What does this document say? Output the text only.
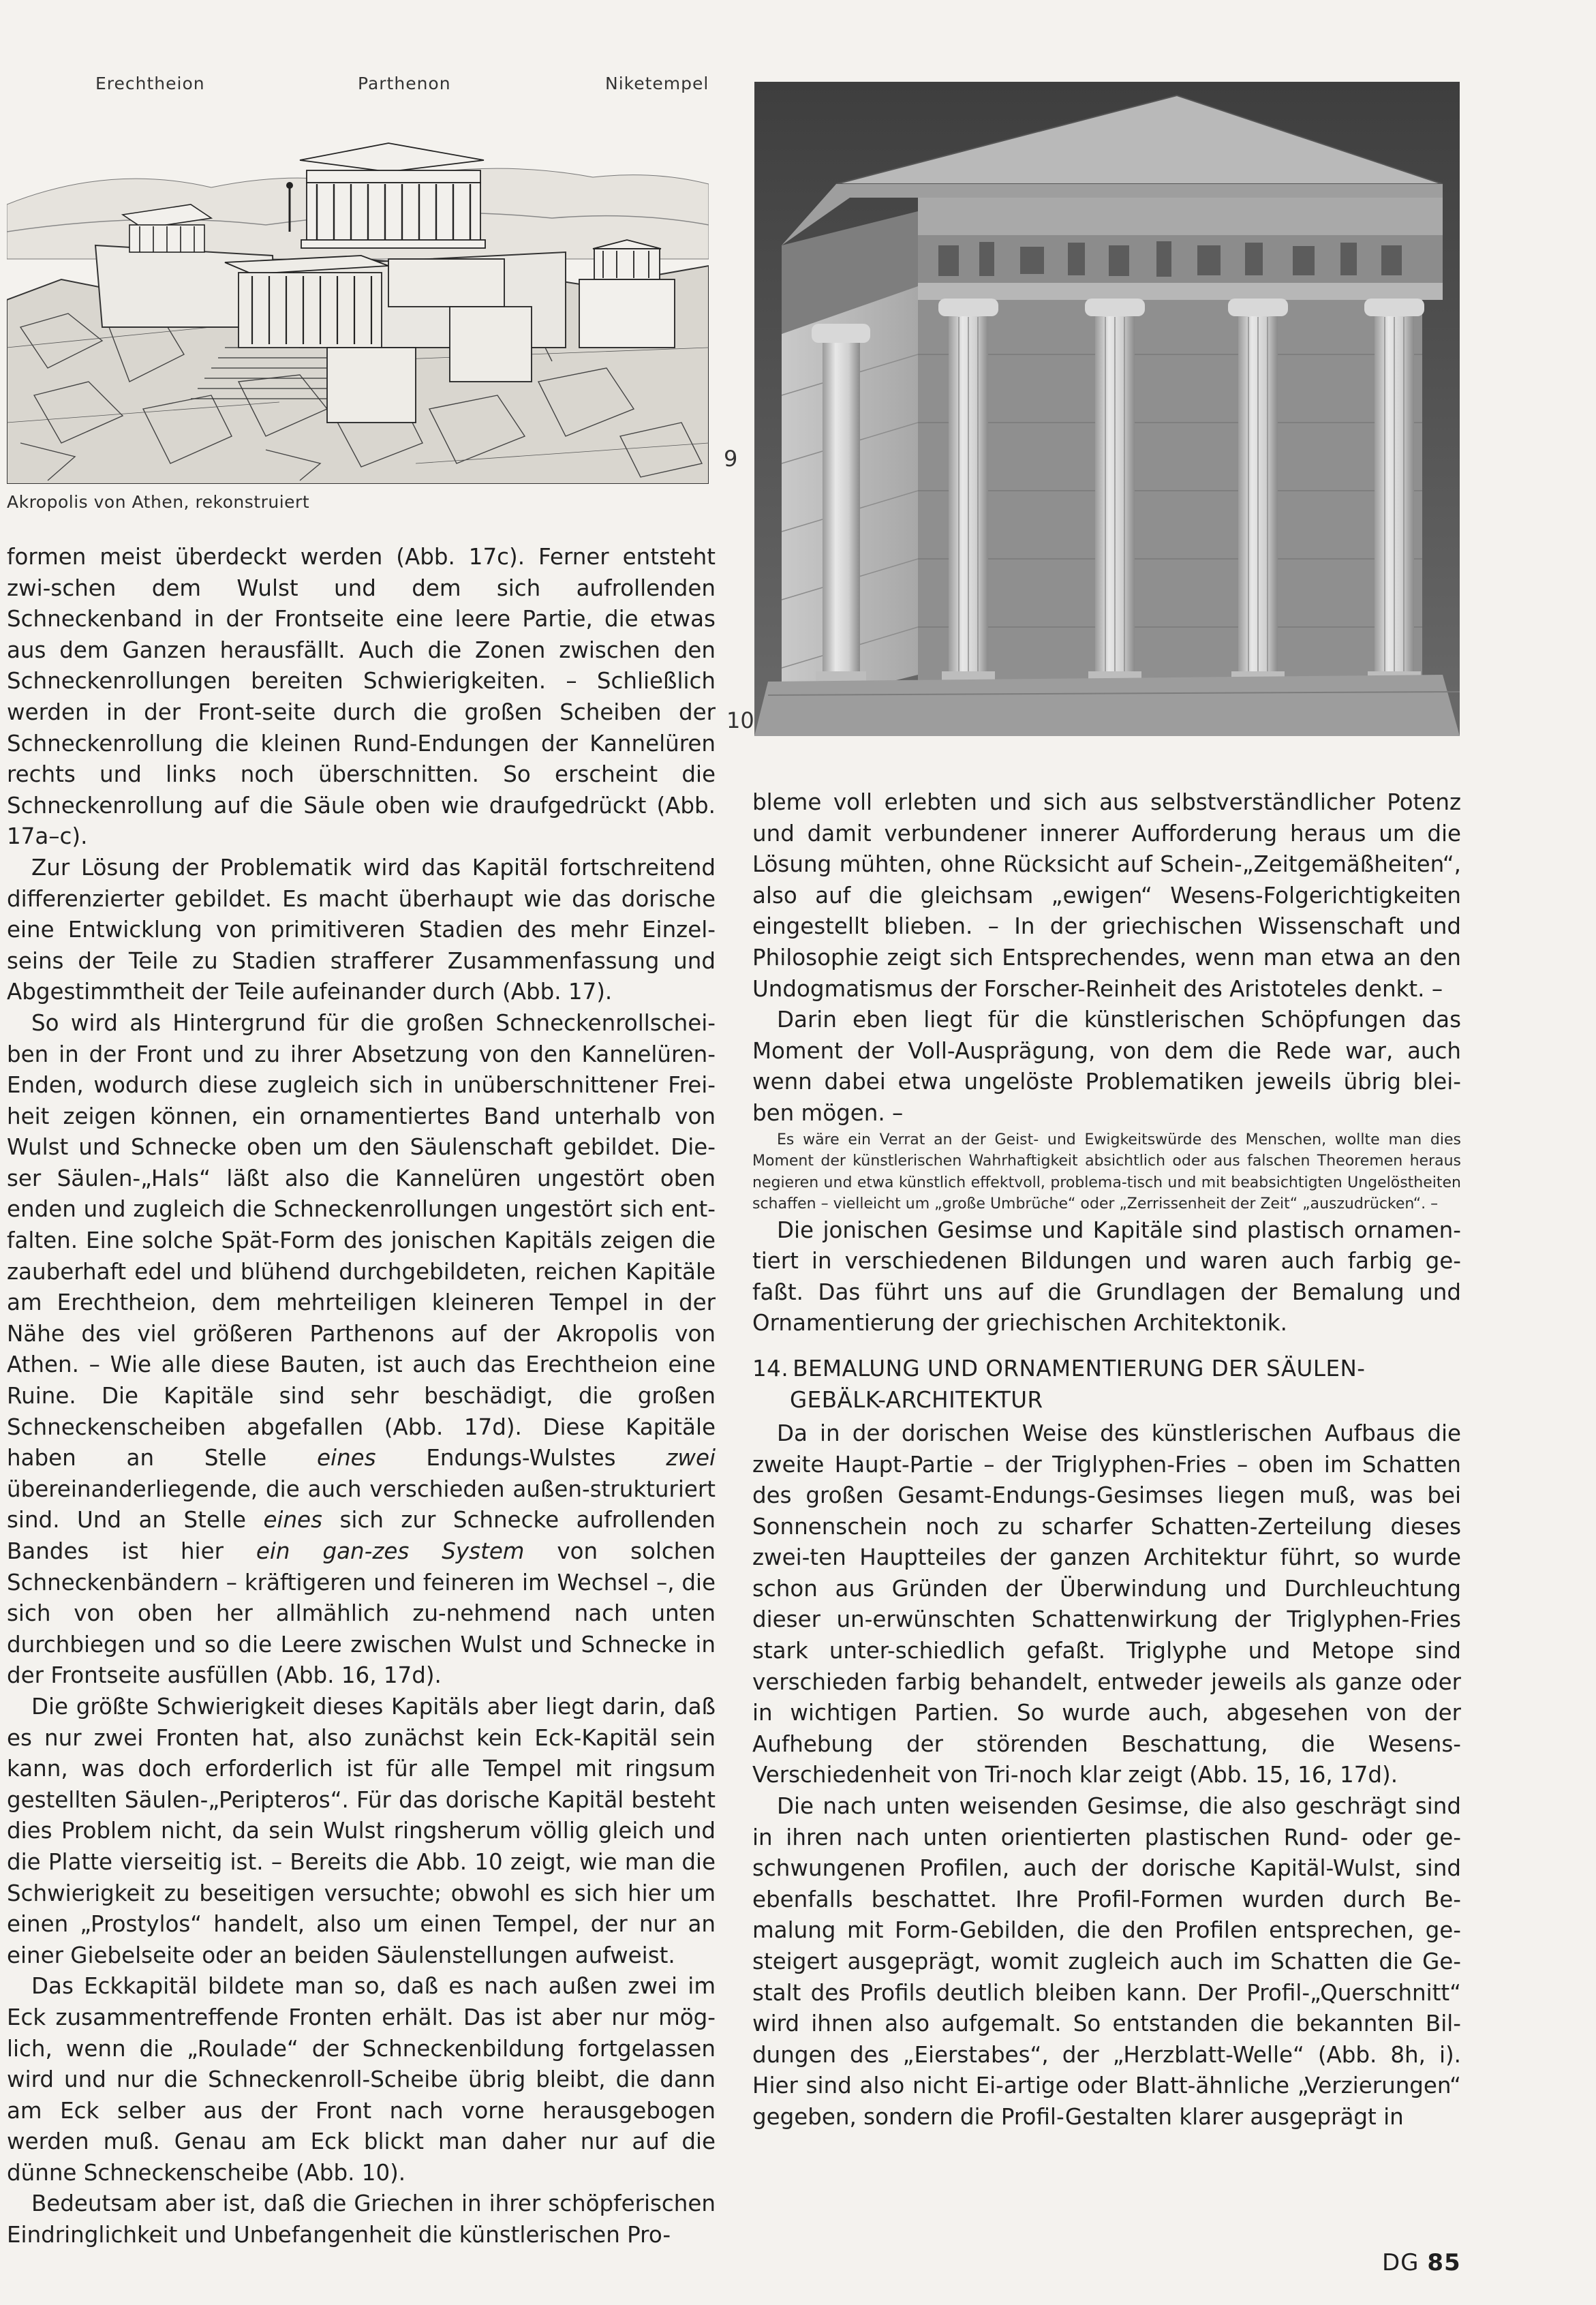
Erechtheion	Parthenon	Niketempel
Akropolis von Athen, rekonstruiert
9
10

formen meist überdeckt werden (Abb. 17c). Ferner entsteht zwi-schen dem Wulst und dem sich aufrollenden Schneckenband in der Frontseite eine leere Partie, die etwas aus dem Ganzen herausfällt. Auch die Zonen zwischen den Schneckenrollungen bereiten Schwierigkeiten. – Schließlich werden in der Front-seite durch die großen Scheiben der Schneckenrollung die kleinen Rund-Endungen der Kannelüren rechts und links noch überschnitten. So erscheint die Schneckenrollung auf die Säule oben wie draufgedrückt (Abb. 17a–c).

Zur Lösung der Problematik wird das Kapitäl fortschreitend differenzierter gebildet. Es macht überhaupt wie das dorische eine Entwicklung von primitiveren Stadien des mehr Einzel-seins der Teile zu Stadien strafferer Zusammenfassung und Abgestimmtheit der Teile aufeinander durch (Abb. 17).

So wird als Hintergrund für die großen Schneckenrollschei-ben in der Front und zu ihrer Absetzung von den Kannelüren-Enden, wodurch diese zugleich sich in unüberschnittener Frei-heit zeigen können, ein ornamentiertes Band unterhalb von Wulst und Schnecke oben um den Säulenschaft gebildet. Die-ser Säulen-„Hals“ läßt also die Kannelüren ungestört oben enden und zugleich die Schneckenrollungen ungestört sich ent-falten. Eine solche Spät-Form des jonischen Kapitäls zeigen die zauberhaft edel und blühend durchgebildeten, reichen Kapitäle am Erechtheion, dem mehrteiligen kleineren Tempel in der Nähe des viel größeren Parthenons auf der Akropolis von Athen. – Wie alle diese Bauten, ist auch das Erechtheion eine Ruine. Die Kapitäle sind sehr beschädigt, die großen Schneckenscheiben abgefallen (Abb. 17d). Diese Kapitäle haben an Stelle eines Endungs-Wulstes zwei übereinanderliegende, die auch verschieden außen-strukturiert sind. Und an Stelle eines sich zur Schnecke aufrollenden Bandes ist hier ein gan-zes System von solchen Schneckenbändern – kräftigeren und feineren im Wechsel –, die sich von oben her allmählich zu-nehmend nach unten durchbiegen und so die Leere zwischen Wulst und Schnecke in der Frontseite ausfüllen (Abb. 16, 17d).

Die größte Schwierigkeit dieses Kapitäls aber liegt darin, daß es nur zwei Fronten hat, also zunächst kein Eck-Kapitäl sein kann, was doch erforderlich ist für alle Tempel mit ringsum gestellten Säulen-„Peripteros“. Für das dorische Kapitäl besteht dies Problem nicht, da sein Wulst ringsherum völlig gleich und die Platte vierseitig ist. – Bereits die Abb. 10 zeigt, wie man die Schwierigkeit zu beseitigen versuchte; obwohl es sich hier um einen „Prostylos“ handelt, also um einen Tempel, der nur an einer Giebelseite oder an beiden Säulenstellungen aufweist.

Das Eckkapitäl bildete man so, daß es nach außen zwei im Eck zusammentreffende Fronten erhält. Das ist aber nur mög-lich, wenn die „Roulade“ der Schneckenbildung fortgelassen wird und nur die Schneckenroll-Scheibe übrig bleibt, die dann am Eck selber aus der Front nach vorne herausgebogen werden muß. Genau am Eck blickt man daher nur auf die dünne Schneckenscheibe (Abb. 10).

Bedeutsam aber ist, daß die Griechen in ihrer schöpferischen Eindringlichkeit und Unbefangenheit die künstlerischen Pro-

bleme voll erlebten und sich aus selbstverständlicher Potenz und damit verbundener innerer Aufforderung heraus um die Lösung mühten, ohne Rücksicht auf Schein-„Zeitgemäßheiten“, also auf die gleichsam „ewigen“ Wesens-Folgerichtigkeiten eingestellt blieben. – In der griechischen Wissenschaft und Philosophie zeigt sich Entsprechendes, wenn man etwa an den Undogmatismus der Forscher-Reinheit des Aristoteles denkt. –

Darin eben liegt für die künstlerischen Schöpfungen das Moment der Voll-Ausprägung, von dem die Rede war, auch wenn dabei etwa ungelöste Problematiken jeweils übrig blei-ben mögen. –

Es wäre ein Verrat an der Geist- und Ewigkeitswürde des Menschen, wollte man dies Moment der künstlerischen Wahrhaftigkeit absichtlich oder aus falschen Theoremen heraus negieren und etwa künstlich effektvoll, problema-tisch und mit beabsichtigten Ungelöstheiten schaffen – vielleicht um „große Umbrüche“ oder „Zerrissenheit der Zeit“ „auszudrücken“. –

Die jonischen Gesimse und Kapitäle sind plastisch ornamen-tiert in verschiedenen Bildungen und waren auch farbig ge-faßt. Das führt uns auf die Grundlagen der Bemalung und Ornamentierung der griechischen Architektonik.

14. BEMALUNG UND ORNAMENTIERUNG DER SÄULEN-
GEBÄLK-ARCHITEKTUR

Da in der dorischen Weise des künstlerischen Aufbaus die zweite Haupt-Partie – der Triglyphen-Fries – oben im Schatten des großen Gesamt-Endungs-Gesimses liegen muß, was bei Sonnenschein noch zu scharfer Schatten-Zerteilung dieses zwei-ten Hauptteiles der ganzen Architektur führt, so wurde schon aus Gründen der Überwindung und Durchleuchtung dieser un-erwünschten Schattenwirkung der Triglyphen-Fries stark unter-schiedlich gefaßt. Triglyphe und Metope sind verschieden farbig behandelt, entweder jeweils als ganze oder in wichtigen Partien. So wurde auch, abgesehen von der Aufhebung der störenden Beschattung, die Wesens-Verschiedenheit von Tri-noch klar zeigt (Abb. 15, 16, 17d).

Die nach unten weisenden Gesimse, die also geschrägt sind in ihren nach unten orientierten plastischen Rund- oder ge-schwungenen Profilen, auch der dorische Kapitäl-Wulst, sind ebenfalls beschattet. Ihre Profil-Formen wurden durch Be-malung mit Form-Gebilden, die den Profilen entsprechen, ge-steigert ausgeprägt, womit zugleich auch im Schatten die Ge-stalt des Profils deutlich bleiben kann. Der Profil-„Querschnitt“ wird ihnen also aufgemalt. So entstanden die bekannten Bil-dungen des „Eierstabes“, der „Herzblatt-Welle“ (Abb. 8h, i). Hier sind also nicht Ei-artige oder Blatt-ähnliche „Verzierungen“ gegeben, sondern die Profil-Gestalten klarer ausgeprägt in

DG 85
